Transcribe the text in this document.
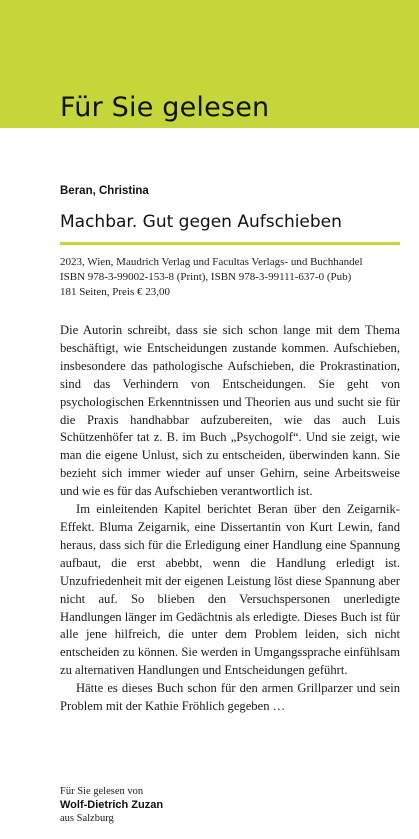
Für Sie gelesen
Beran, Christina
Machbar. Gut gegen Aufschieben
2023, Wien, Maudrich Verlag und Facultas Verlags- und Buchhandel
ISBN 978-3-99002-153-8 (Print), ISBN 978-3-99111-637-0 (Pub)
181 Seiten, Preis € 23,00

Die Autorin schreibt, dass sie sich schon lange mit dem Thema beschäftigt, wie Entscheidungen zustande kommen. Aufschieben, insbesondere das pathologische Aufschieben, die Prokrastination, sind das Verhindern von Entscheidungen. Sie geht von psychologischen Erkenntnissen und Theorien aus und sucht sie für die Praxis handhabbar aufzubereiten, wie das auch Luis Schützenhöfer tat z. B. im Buch „Psychogolf“. Und sie zeigt, wie man die eigene Unlust, sich zu entscheiden, überwinden kann. Sie bezieht sich immer wieder auf unser Gehirn, seine Arbeitsweise und wie es für das Aufschieben verantwortlich ist.

Im einleitenden Kapitel berichtet Beran über den Zeigarnik-Effekt. Bluma Zeigarnik, eine Dissertantin von Kurt Lewin, fand heraus, dass sich für die Erledigung einer Handlung eine Spannung aufbaut, die erst abebbt, wenn die Handlung erledigt ist. Unzufriedenheit mit der eigenen Leistung löst diese Spannung aber nicht auf. So blieben den Versuchspersonen unerledigte Handlungen länger im Gedächtnis als erledigte. Dieses Buch ist für alle jene hilfreich, die unter dem Problem leiden, sich nicht entscheiden zu können. Sie werden in Umgangssprache einfühlsam zu alternativen Handlungen und Entscheidungen geführt.

Hätte es dieses Buch schon für den armen Grillparzer und sein Problem mit der Kathie Fröhlich gegeben …

Für Sie gelesen von
Wolf-Dietrich Zuzan
aus Salzburg
